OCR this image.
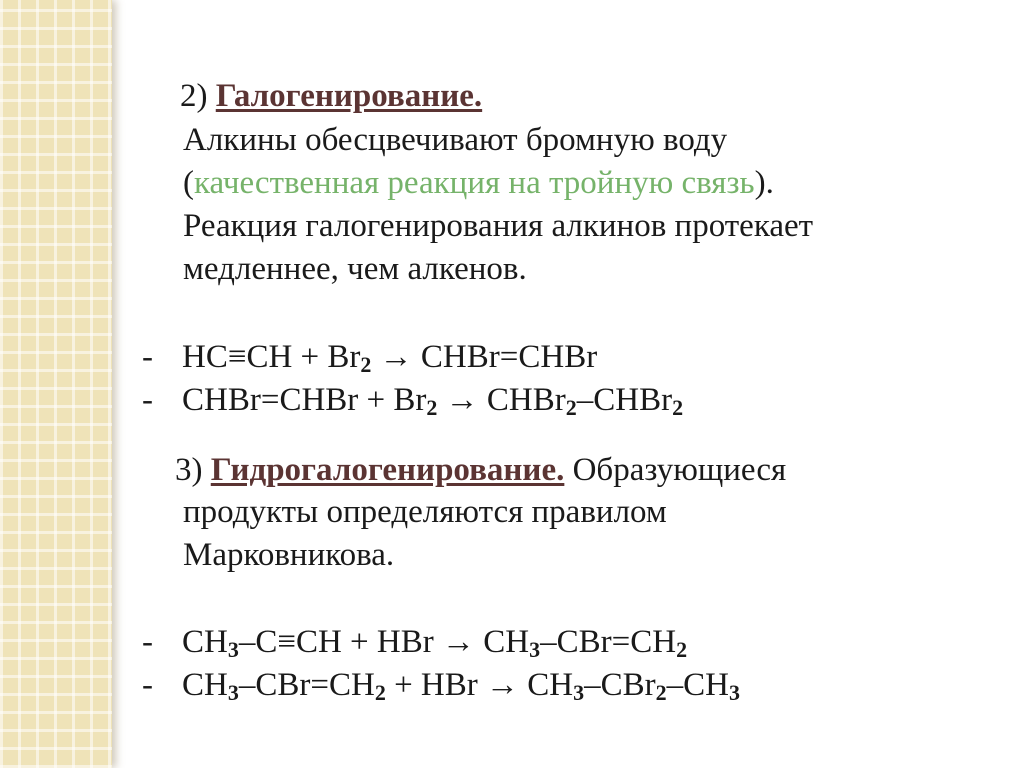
2) Галогенирование.
Алкины обесцвечивают бромную воду
(качественная реакция на тройную связь).
Реакция галогенирования алкинов протекает
медленнее, чем алкенов.
- $HC\equiv CH + Br_2$ → CHBr=CHBr
- CHBr=CHBr + $Br_2$ → CHBr$_2$–CHBr$_2$
3) Гидрогалогенирование. Образующиеся
продукты определяются правилом
Марковникова.
- $CH_3-C\equiv CH$ + HBr → $CH_3-CBr=CH_2$
- $CH_3-CBr=CH_2$ + HBr → $CH_3-CBr_2-CH_3$
